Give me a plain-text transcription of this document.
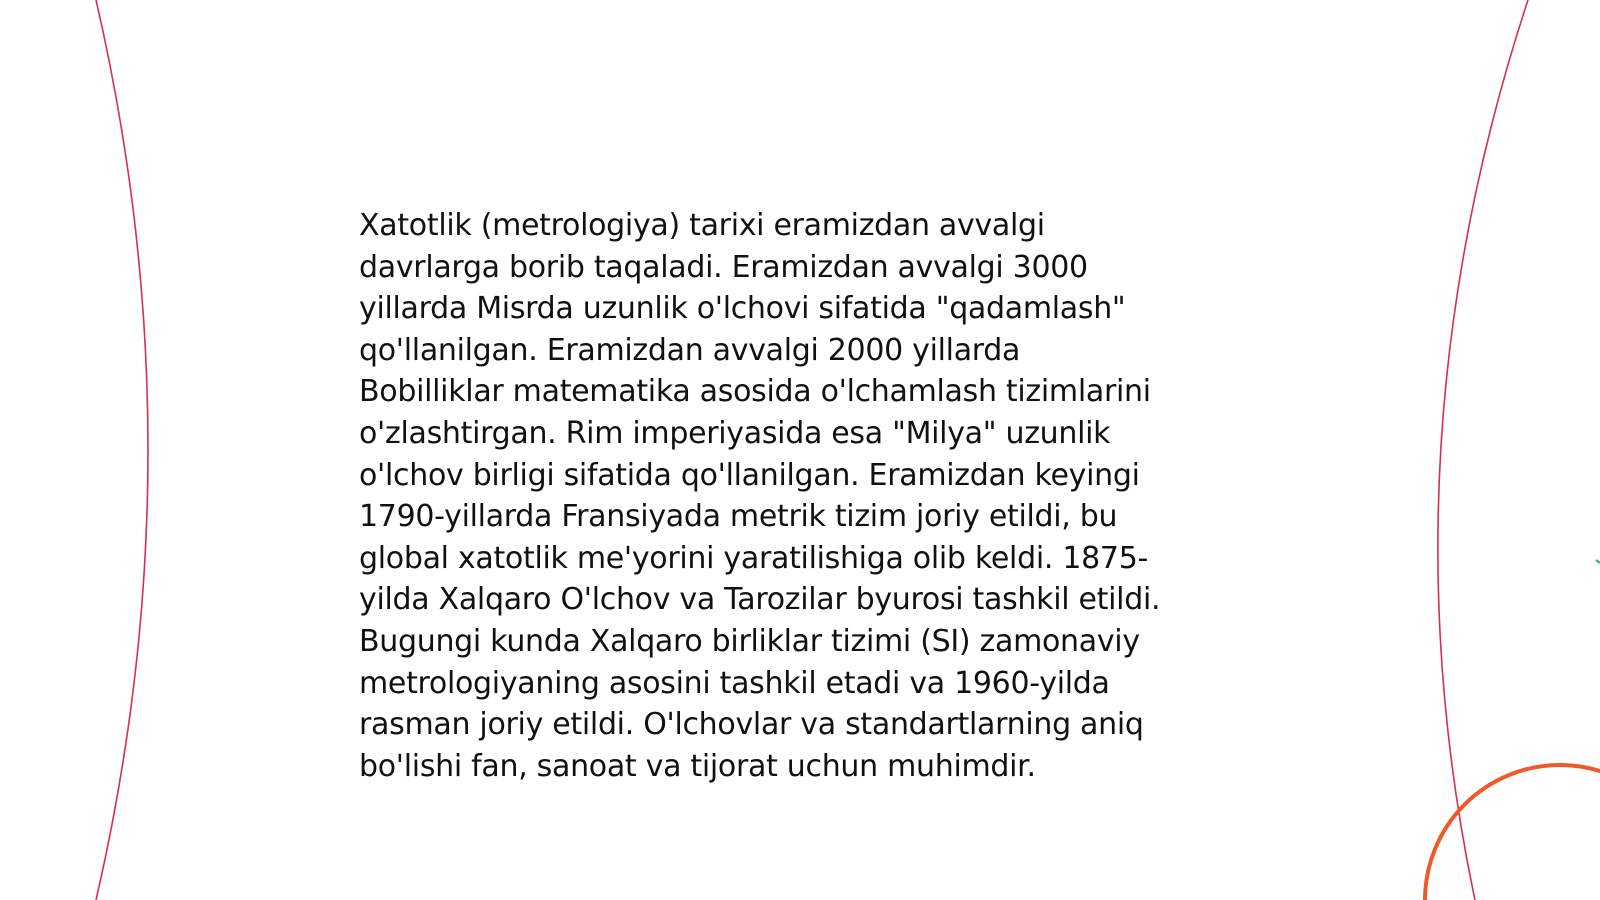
Xatotlik (metrologiya) tarixi eramizdan avvalgi
davrlarga borib taqaladi. Eramizdan avvalgi 3000
yillarda Misrda uzunlik o'lchovi sifatida "qadamlash"
qo'llanilgan. Eramizdan avvalgi 2000 yillarda
Bobilliklar matematika asosida o'lchamlash tizimlarini
o'zlashtirgan. Rim imperiyasida esa "Milya" uzunlik
o'lchov birligi sifatida qo'llanilgan. Eramizdan keyingi
1790-yillarda Fransiyada metrik tizim joriy etildi, bu
global xatotlik me'yorini yaratilishiga olib keldi. 1875-
yilda Xalqaro O'lchov va Tarozilar byurosi tashkil etildi.
Bugungi kunda Xalqaro birliklar tizimi (SI) zamonaviy
metrologiyaning asosini tashkil etadi va 1960-yilda
rasman joriy etildi. O'lchovlar va standartlarning aniq
bo'lishi fan, sanoat va tijorat uchun muhimdir.
